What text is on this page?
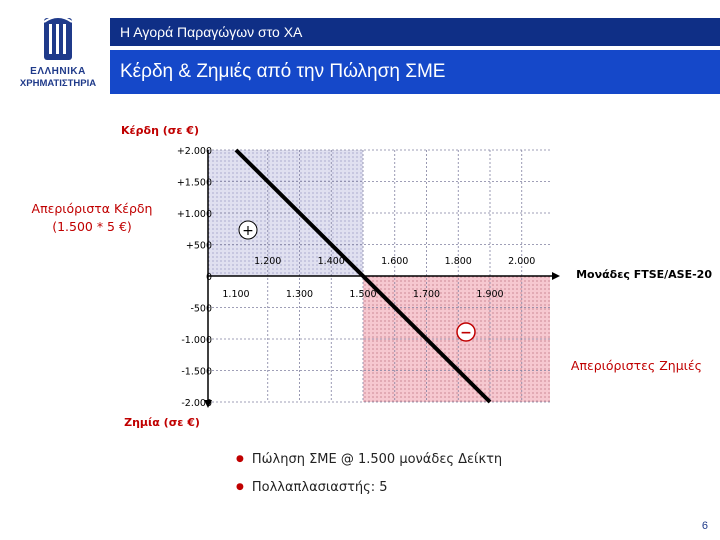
ΕΛΛΗΝΙΚΑ
ΧΡΗΜΑΤΙΣΤΗΡΙΑ
Η Αγορά Παραγώγων στο ΧΑ
Κέρδη & Ζημιές από την Πώληση ΣΜΕ
+2.000
+1.500
+1.000
+500
0
-500
-1.000
-1.500
-2.000
1.200	1.400	1.600	1.800	2.000
1.100	1.300	1.500	1.700	1.900
+
−
Κέρδη (σε €)
Ζημία (σε €)
Μονάδες FTSE/ASE-20
Απεριόριστα Κέρδη
(1.500 * 5 €)
Απεριόριστες Ζημιές
● Πώληση ΣΜΕ @ 1.500 μονάδες Δείκτη
● Πολλαπλασιαστής: 5
6
